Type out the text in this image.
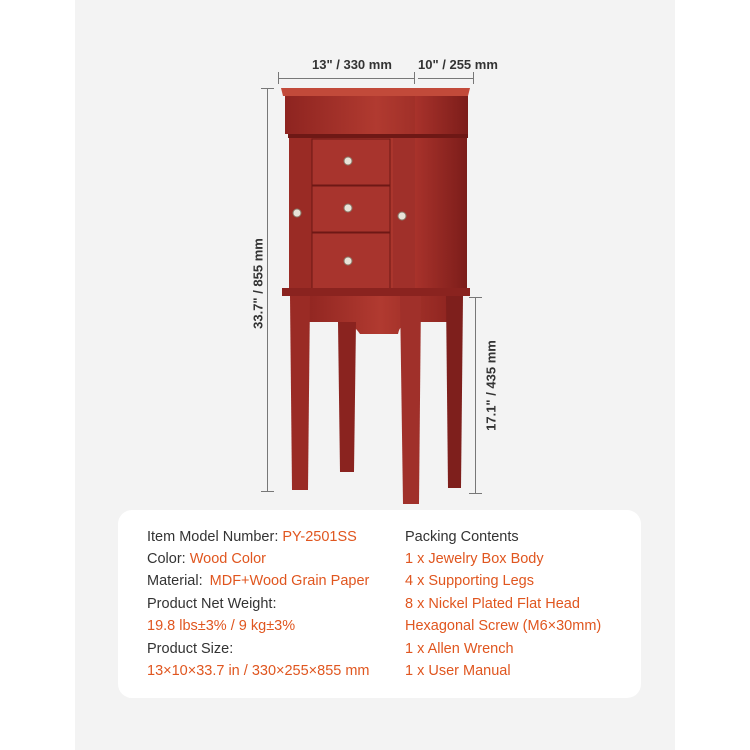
13" / 330 mm 10" / 255 mm
33.7" / 855 mm
17.1" / 435 mm
Item Model Number: PY-2501SS
Color: Wood Color
Material: MDF+Wood Grain Paper
Product Net Weight:
19.8 lbs±3% / 9 kg±3%
Product Size:
13×10×33.7 in / 330×255×855 mm
Packing Contents
1 x Jewelry Box Body
4 x Supporting Legs
8 x Nickel Plated Flat Head
Hexagonal Screw (M6×30mm)
1 x Allen Wrench
1 x User Manual
